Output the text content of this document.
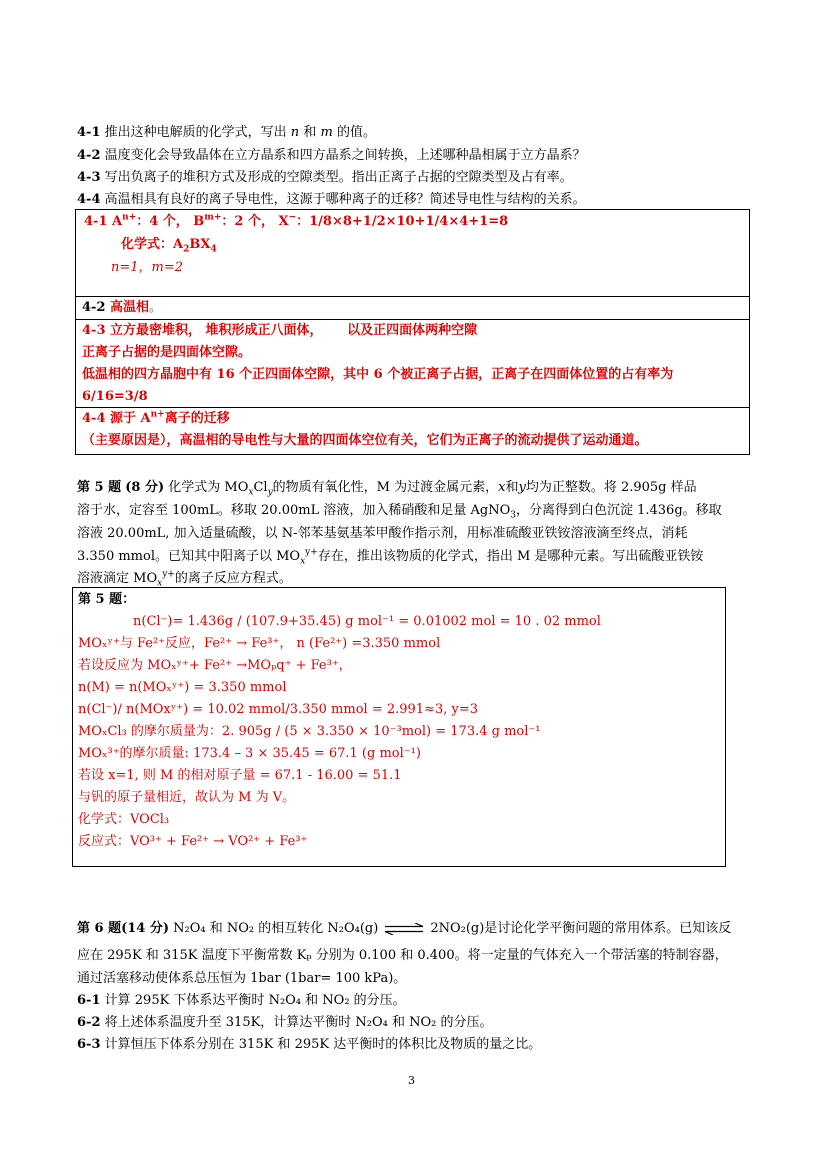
4-1 推出这种电解质的化学式，写出 n 和 m 的值。
4-2 温度变化会导致晶体在立方晶系和四方晶系之间转换，上述哪种晶相属于立方晶系？
4-3 写出负离子的堆积方式及形成的空隙类型。指出正离子占据的空隙类型及占有率。
4-4 高温相具有良好的离子导电性，这源于哪种离子的迁移？简述导电性与结构的关系。
4-1 $A^{n+}$：4 个， $B^{m+}$：2 个， X−：1/8×8+1/2×10+1/4×4+1=8
化学式：$A_2BX_4$
n=1，m=2
4-2 高温相。
4-3 立方最密堆积， 堆积形成正八面体， 以及正四面体两种空隙
正离子占据的是四面体空隙。
低温相的四方晶胞中有 16 个正四面体空隙，其中 6 个被正离子占据，正离子在四面体位置的占有率为
6/16=3/8
4-4 源于 $A^{n+}$离子的迁移
（主要原因是），高温相的导电性与大量的四面体空位有关，它们为正离子的流动提供了运动通道。
第 5 题 (8 分) 化学式为 $MO_xCl_y$的物质有氧化性，M 为过渡金属元素，x和y均为正整数。将 2.905g 样品
溶于水，定容至 100mL。移取 20.00mL 溶液，加入稀硝酸和足量 AgNO$_3$，分离得到白色沉淀 1.436g。移取
溶液 20.00mL, 加入适量硫酸，以 N-邻苯基氨基苯甲酸作指示剂，用标准硫酸亚铁铵溶液滴至终点，消耗
3.350 mmol。已知其中阳离子以 $MO_x^{y+}$存在，推出该物质的化学式，指出 M 是哪种元素。写出硫酸亚铁铵
溶液滴定 $MO_x^{y+}$的离子反应方程式。
第 5 题：
n(Cl⁻)= 1.436g / (107.9+35.45) g mol⁻¹ = 0.01002 mol = 10 . 02 mmol
MOₓʸ⁺与 Fe²⁺反应，Fe²⁺ → Fe³⁺， n (Fe²⁺) =3.350 mmol
若设反应为 MOₓʸ⁺+ Fe²⁺ →MOₚq⁺ + Fe³⁺，
n(M) = n(MOₓʸ⁺) = 3.350 mmol
n(Cl⁻)/ n(MOxʸ⁺) = 10.02 mmol/3.350 mmol = 2.991≈3, y=3
MOₓCl₃ 的摩尔质量为：2. 905g / (5 × 3.350 × 10⁻³mol) = 173.4 g mol⁻¹
MOₓ³⁺的摩尔质量: 173.4 – 3 × 35.45 = 67.1 (g mol⁻¹)
若设 x=1, 则 M 的相对原子量 = 67.1 - 16.00 = 51.1
与钒的原子量相近，故认为 M 为 V。
化学式：VOCl₃
反应式：VO³⁺ + Fe²⁺ → VO²⁺ + Fe³⁺
第 6 题(14 分) N₂O₄ 和 NO₂ 的相互转化 N₂O₄(g) ⇌ 2NO₂(g)是讨论化学平衡问题的常用体系。已知该反
应在 295K 和 315K 温度下平衡常数 Kₚ 分别为 0.100 和 0.400。将一定量的气体充入一个带活塞的特制容器，
通过活塞移动使体系总压恒为 1bar (1bar= 100 kPa)。
6-1 计算 295K 下体系达平衡时 N₂O₄ 和 NO₂ 的分压。
6-2 将上述体系温度升至 315K，计算达平衡时 N₂O₄ 和 NO₂ 的分压。
6-3 计算恒压下体系分别在 315K 和 295K 达平衡时的体积比及物质的量之比。
3
